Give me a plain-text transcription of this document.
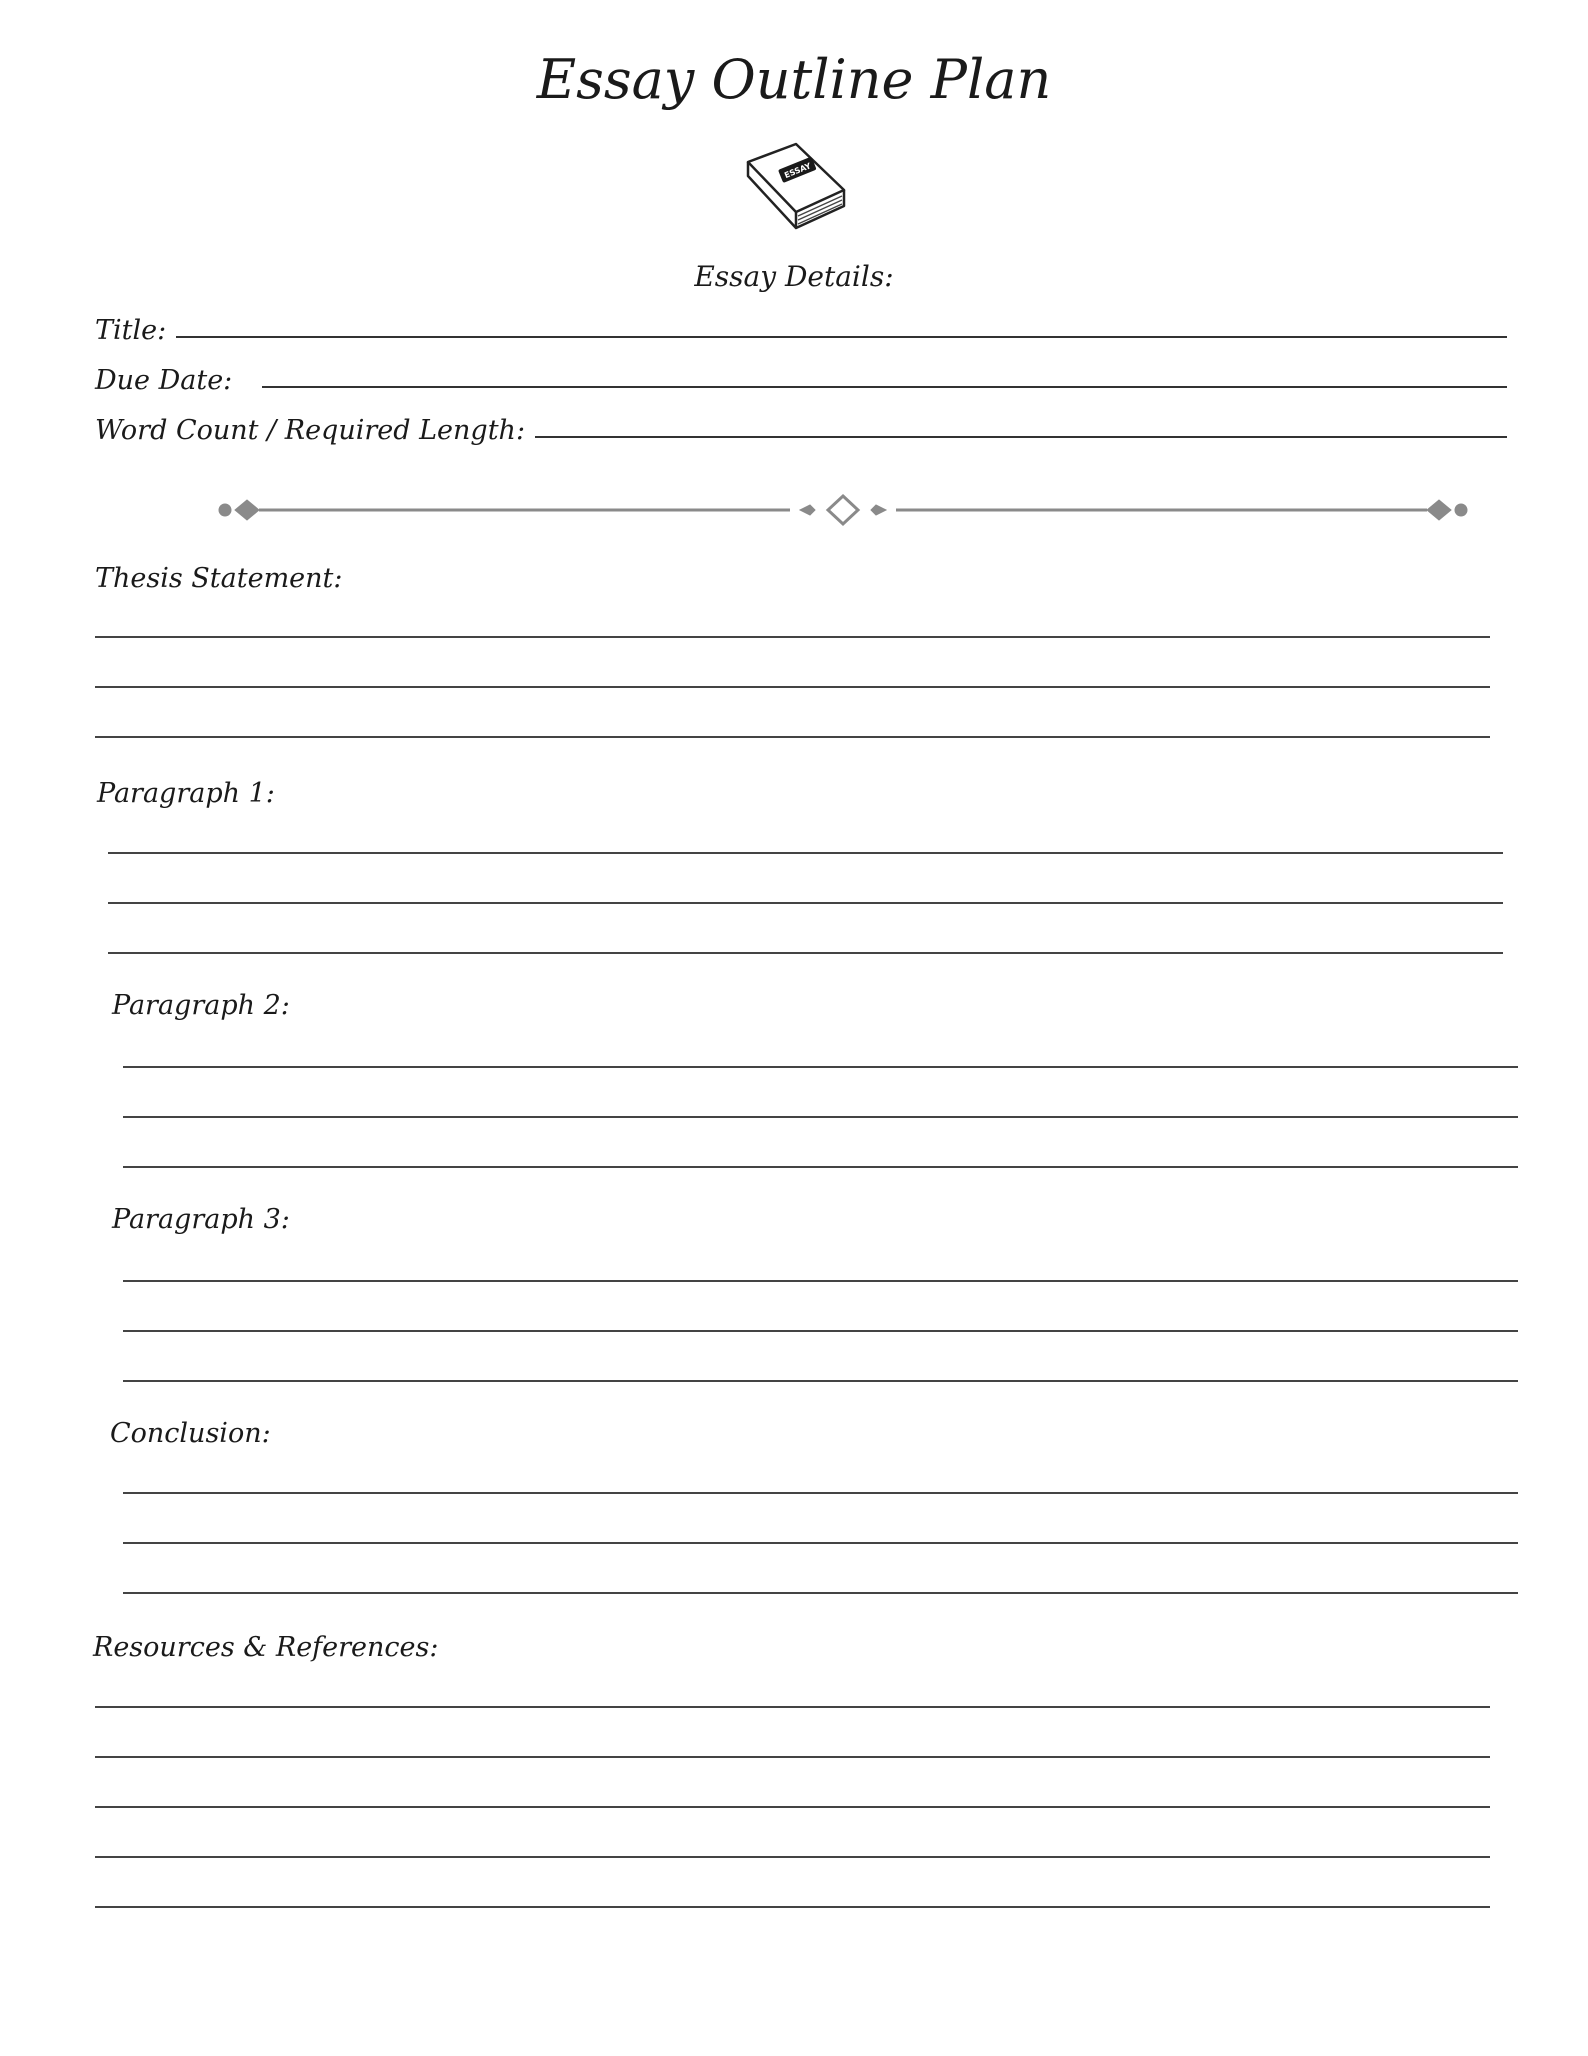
Essay Outline Plan
ESSAY
Essay Details:
Title:
Due Date:
Word Count / Required Length:
Thesis Statement:
Paragraph 1:
Paragraph 2:
Paragraph 3:
Conclusion:
Resources & References:
